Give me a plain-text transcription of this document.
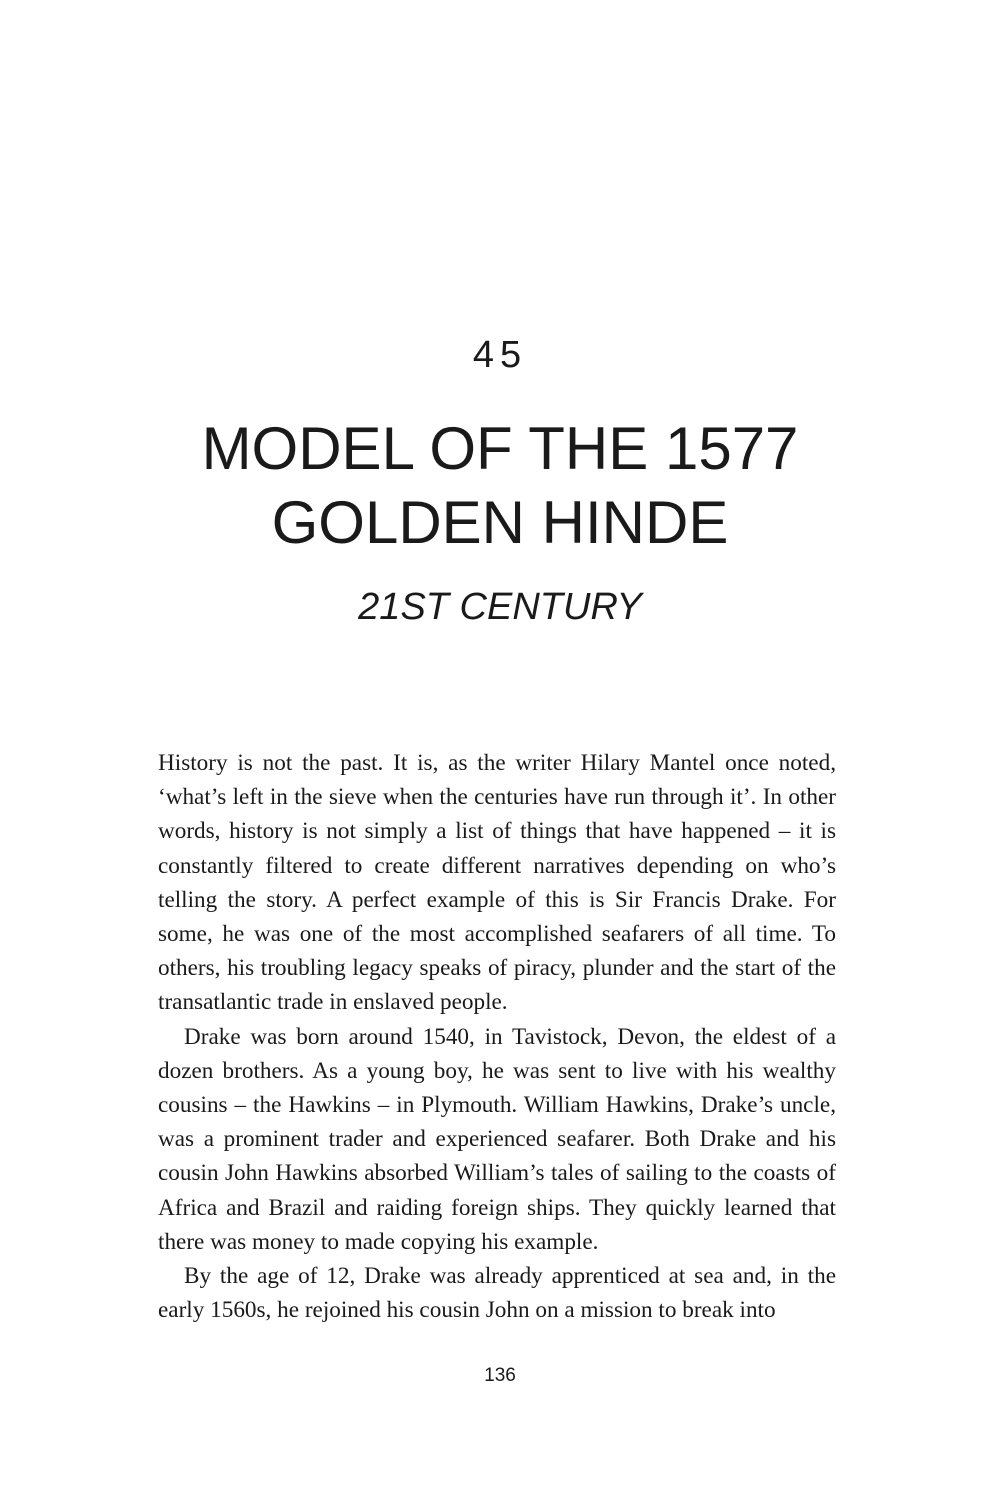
45
MODEL OF THE 1577
GOLDEN HINDE
21ST CENTURY

History is not the past. It is, as the writer Hilary Mantel once noted, ‘what’s left in the sieve when the centuries have run through it’. In other words, history is not simply a list of things that have happened – it is constantly filtered to create different narratives depending on who’s telling the story. A perfect example of this is Sir Francis Drake. For some, he was one of the most accomplished seafarers of all time. To others, his troubling legacy speaks of piracy, plunder and the start of the transatlantic trade in enslaved people.

Drake was born around 1540, in Tavistock, Devon, the eldest of a dozen brothers. As a young boy, he was sent to live with his wealthy cousins – the Hawkins – in Plymouth. William Hawkins, Drake’s uncle, was a prominent trader and experienced seafarer. Both Drake and his cousin John Hawkins absorbed William’s tales of sailing to the coasts of Africa and Brazil and raiding foreign ships. They quickly learned that there was money to made copying his example.

By the age of 12, Drake was already apprenticed at sea and, in the early 1560s, he rejoined his cousin John on a mission to break into

136
